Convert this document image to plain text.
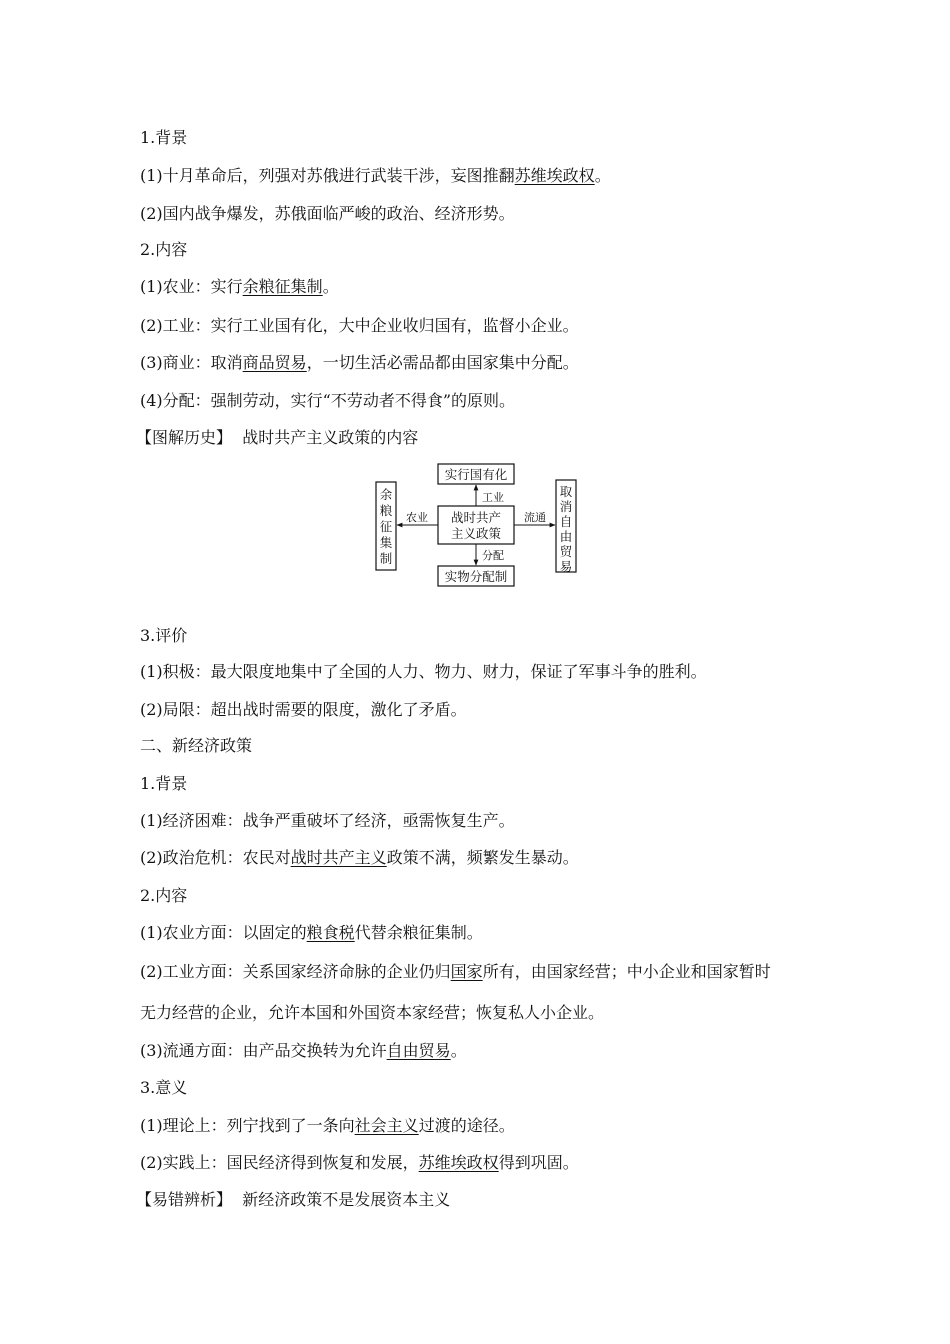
1.背景
(1)十月革命后，列强对苏俄进行武装干涉，妄图推翻苏维埃政权。
(2)国内战争爆发，苏俄面临严峻的政治、经济形势。
2.内容
(1)农业：实行余粮征集制。
(2)工业：实行工业国有化，大中企业收归国有，监督小企业。
(3)商业：取消商品贸易，一切生活必需品都由国家集中分配。
(4)分配：强制劳动，实行“不劳动者不得食”的原则。
【图解历史】 战时共产主义政策的内容
实行国有化
实物分配制
战时共产
主义政策
余
粮
征
集
制
取
消
自
由
贸
易
工业
分配
农业	流通
3.评价
(1)积极：最大限度地集中了全国的人力、物力、财力，保证了军事斗争的胜利。
(2)局限：超出战时需要的限度，激化了矛盾。
二、新经济政策
1.背景
(1)经济困难：战争严重破坏了经济，亟需恢复生产。
(2)政治危机：农民对战时共产主义政策不满，频繁发生暴动。
2.内容
(1)农业方面：以固定的粮食税代替余粮征集制。
(2)工业方面：关系国家经济命脉的企业仍归国家所有，由国家经营；中小企业和国家暂时
无力经营的企业，允许本国和外国资本家经营；恢复私人小企业。
(3)流通方面：由产品交换转为允许自由贸易。
3.意义
(1)理论上：列宁找到了一条向社会主义过渡的途径。
(2)实践上：国民经济得到恢复和发展，苏维埃政权得到巩固。
【易错辨析】 新经济政策不是发展资本主义
